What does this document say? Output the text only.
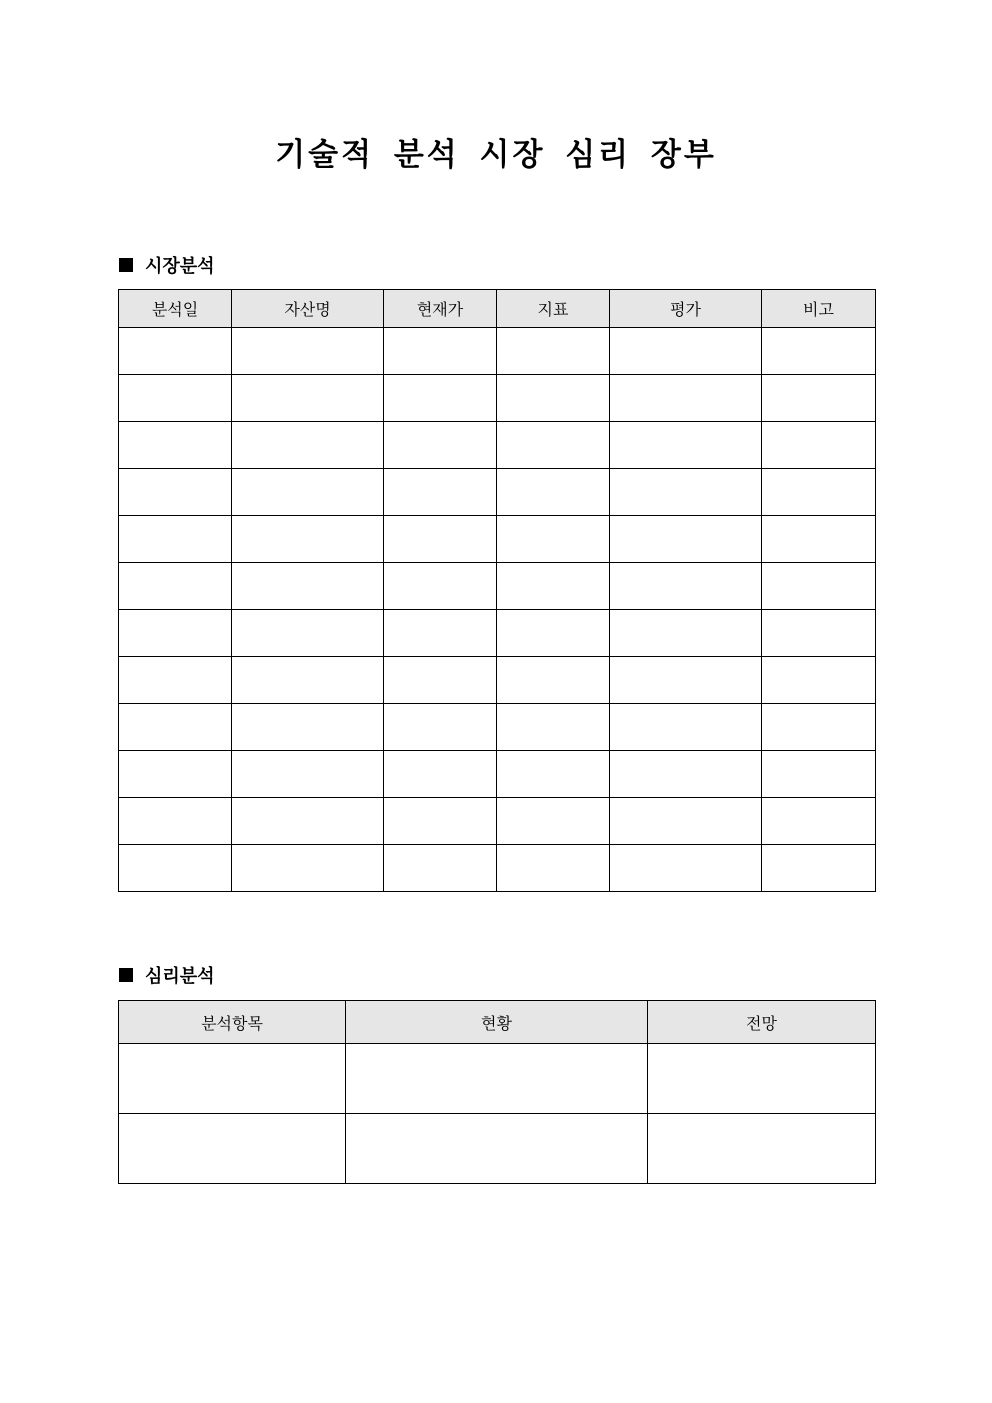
기술적 분석 시장 심리 장부
시장분석
분석일	자산명	현재가	지표	평가	비고

심리분석
분석항목	현황	전망
